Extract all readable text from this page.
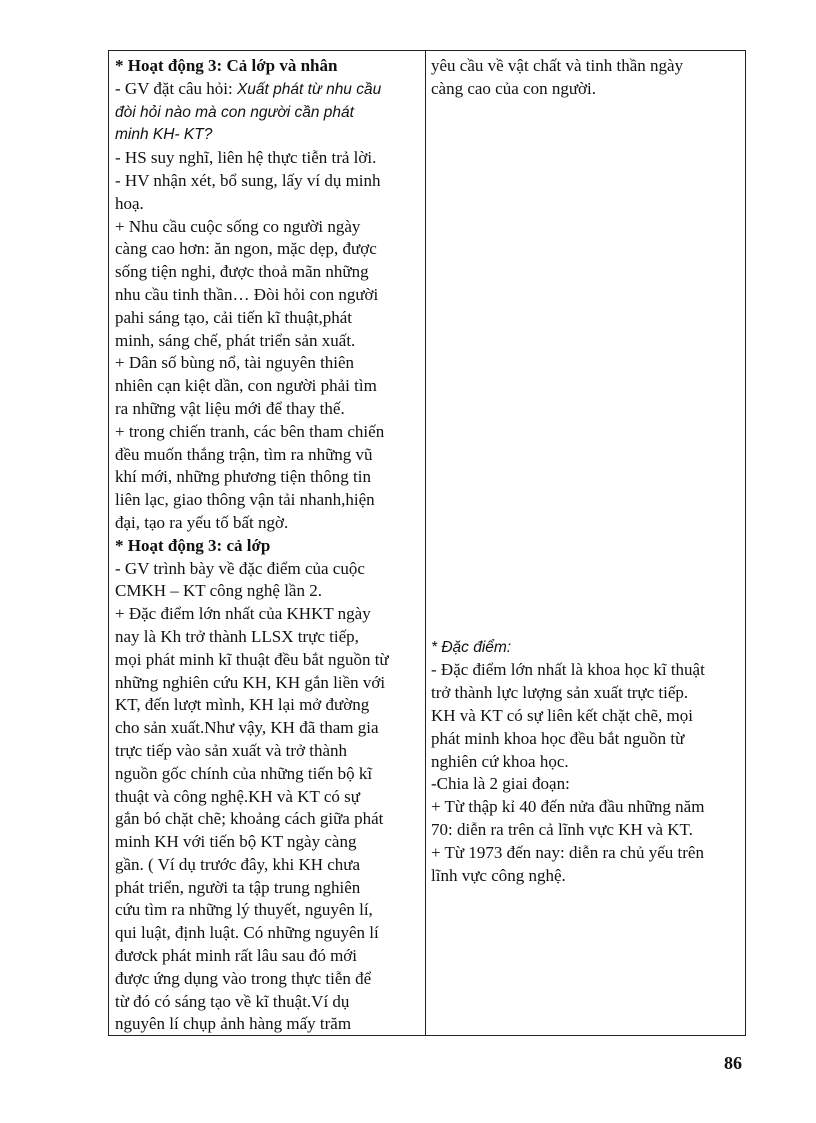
* Hoạt động 3: Cả lớp và nhân
- GV đặt câu hỏi: Xuất phát từ nhu cầu
đòi hỏi nào mà con người cần phát
minh KH- KT?
- HS suy nghĩ, liên hệ thực tiễn trả lời.
- HV nhận xét, bổ sung, lấy ví dụ minh
hoạ.
+ Nhu cầu cuộc sống co người ngày
càng cao hơn: ăn ngon, mặc dẹp, được
sống tiện nghi, được thoả mãn những
nhu cầu tinh thần… Đòi hỏi con người
pahi sáng tạo, cải tiến kĩ thuật,phát
minh, sáng chế, phát triển sản xuất.
+ Dân số bùng nổ, tài nguyên thiên
nhiên cạn kiệt dần, con người phải tìm
ra những vật liệu mới để thay thế.
+ trong chiến tranh, các bên tham chiến
đều muốn thắng trận, tìm ra những vũ
khí mới, những phương tiện thông tin
liên lạc, giao thông vận tải nhanh,hiện
đại, tạo ra yếu tố bất ngờ.
* Hoạt động 3: cả lớp
- GV trình bày về đặc điểm của cuộc
CMKH – KT công nghệ lần 2.
+ Đặc điểm lớn nhất của KHKT ngày
nay là Kh trở thành LLSX trực tiếp,
mọi phát minh kĩ thuật đều bắt nguồn từ
những nghiên cứu KH, KH gắn liền với
KT, đến lượt mình, KH lại mở đường
cho sản xuất.Như vậy, KH đã tham gia
trực tiếp vào sản xuất và trở thành
nguồn gốc chính của những tiến bộ kĩ
thuật và công nghệ.KH và KT có sự
gắn bó chặt chẽ; khoảng cách giữa phát
minh KH với tiến bộ KT ngày càng
gần. ( Ví dụ trước đây, khi KH chưa
phát triển, người ta tập trung nghiên
cứu tìm ra những lý thuyết, nguyên lí,
qui luật, định luật. Có những nguyên lí
đươck phát minh rất lâu sau đó mới
được ứng dụng vào trong thực tiễn để
từ đó có sáng tạo về kĩ thuật.Ví dụ
nguyên lí chụp ảnh hàng mấy trăm
yêu cầu về vật chất và tinh thần ngày
càng cao của con người.
* Đặc điểm:
- Đặc điểm lớn nhất là khoa học kĩ thuật
trở thành lực lượng sản xuất trực tiếp.
KH và KT có sự liên kết chặt chẽ, mọi
phát minh khoa học đều bắt nguồn từ
nghiên cứ khoa học.
-Chia là 2 giai đoạn:
+ Từ thập kỉ 40 đến nửa đầu những năm
70: diễn ra trên cả lĩnh vực KH và KT.
+ Từ 1973 đến nay: diễn ra chủ yếu trên
lĩnh vực công nghệ.
86
